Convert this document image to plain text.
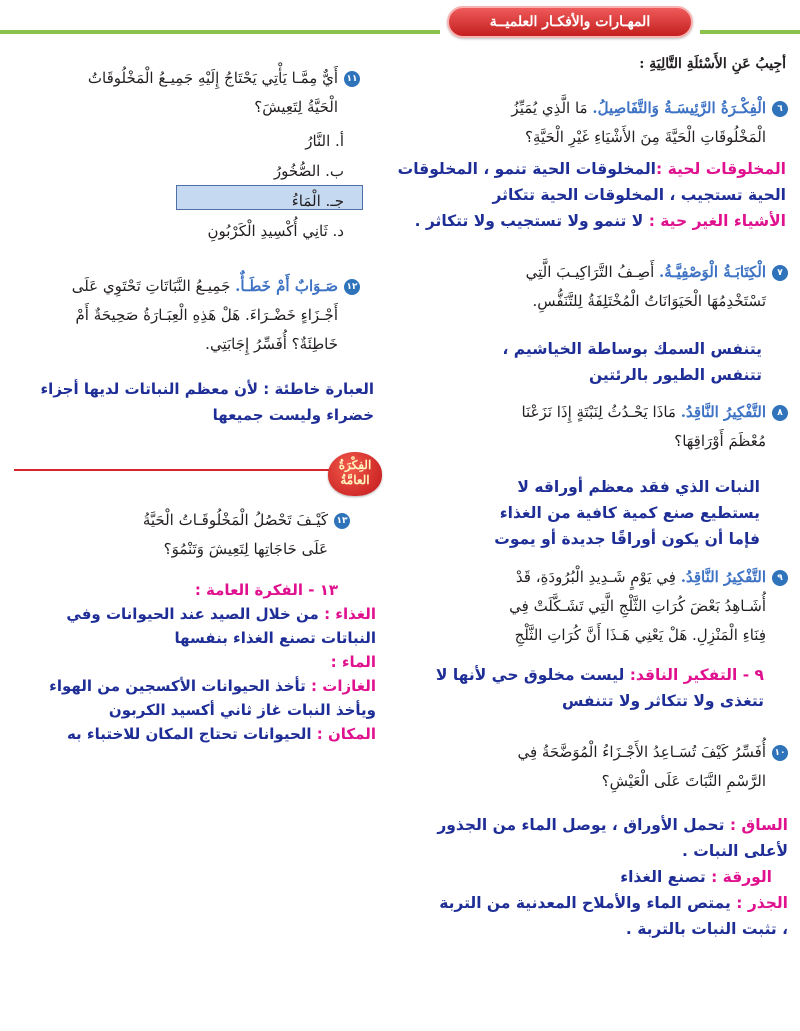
المهـارات والأفكـار العلميــة
أجِيبُ عَنِ الأَسْئلَةِ التَّالِيَةِ :
٦الْفِكْـرَةُ الرَّئِيسَـةُ وَالتَّفَاصِيلُ. مَا الَّذِي يُمَيِّزُ
الْمَخْلُوقَاتِ الْحَيَّةَ مِنَ الأَشْيَاءِ غَيْرِ الْحَيَّةِ؟
المخلوقات لحية :المخلوقات الحية تنمو ، المخلوقات
الحية تستجيب ، المخلوقات الحية تتكاثر
الأشياء الغير حية : لا تنمو ولا تستجيب ولا تتكاثر .
٧الْكِتَابَـةُ الْوَصْفِيَّـةُ. أَصِـفُ التَّرَاكِيـبَ الَّتِي
تَسْتَخْدِمُهَا الْحَيَوَانَاتُ الْمُخْتَلِفَةُ لِلتَّنَفُّسِ.
يتنفس السمك بوساطة الخياشيم ،
تتنفس الطيور بالرئتين
٨التَّفْكِيرُ النَّاقِدُ. مَاذَا يَحْـدُثُ لِنَبْتَةٍ إِذَا نَزَعْنَا
مُعْظَمَ أَوْرَاقِهَا؟
النبات الذي فقد معظم أوراقه لا
يستطيع صنع كمية كافية من الغذاء
فإما أن يكون أوراقًا جديدة أو يموت
٩التَّفْكِيرُ النَّاقِدُ. فِي يَوْمٍ شَـدِيدِ الْبُرُودَةِ، قَدْ
أُشَـاهِدُ بَعْضَ كُرَاتِ الثَّلْجِ الَّتِي تَشَـكَّلَتْ فِي
فِنَاءِ الْمَنْزِلِ. هَلْ يَعْنِي هَـذَا أَنَّ كُرَاتِ الثَّلْجِ
٩ - التفكير الناقد: ليست مخلوق حي لأنها لا
تتغذى ولا تتكاثر ولا تتنفس
١٠أُفَسِّرُ كَيْفَ تُسَـاعِدُ الأَجْـزَاءُ الْمُوَضَّحَةُ فِي
الرَّسْمِ النَّبَاتَ عَلَى الْعَيْشِ؟
الساق : تحمل الأوراق ، يوصل الماء من الجذور
لأعلى النبات .
الورقة : تصنع الغذاء
الجذر : يمتص الماء والأملاح المعدنية من التربة
، تثبت النبات بالتربة .
١١أَيٌّ مِمَّـا يَأْتِي يَحْتَاجُ إِلَيْهِ جَمِيـعُ الْمَخْلُوقَاتُ
الْحَيَّةُ لِتَعِيشَ؟
أ. النَّارُ
ب. الصُّخُورُ
جـ. الْمَاءُ
د. ثَانِي أُكْسِيدِ الْكَرْبُونِ
١٢صَـوَابٌ أَمْ خَطَـأٌ. جَمِيـعُ النَّبَاتَاتِ تَحْتَوِي عَلَى
أَجْـزَاءٍ خَضْـرَاءَ. هَلْ هَذِهِ الْعِبَـارَةُ صَحِيحَةٌ أَمْ
خَاطِئَةٌ؟ أُفَسِّرُ إِجَابَتِي.
العبارة خاطئة : لأن معظم النباتات لديها أجزاء
خضراء وليست جميعها
الفِكْرَةُ
العامَّةُ
١٣كَيْـفَ تَحْصُلُ الْمَخْلُوقَـاتُ الْحَيَّةُ
عَلَى حَاجَاتِها لِتَعِيشَ وَتَنْمُوَ؟
١٣ - الفكرة العامة :
الغذاء : من خلال الصيد عند الحيوانات وفي
النباتات تصنع الغذاء بنفسها
الماء :
الغازات : تأخذ الحيوانات الأكسجين من الهواء
ويأخذ النبات غاز ثاني أكسيد الكربون
المكان : الحيوانات تحتاج المكان للاختباء به
